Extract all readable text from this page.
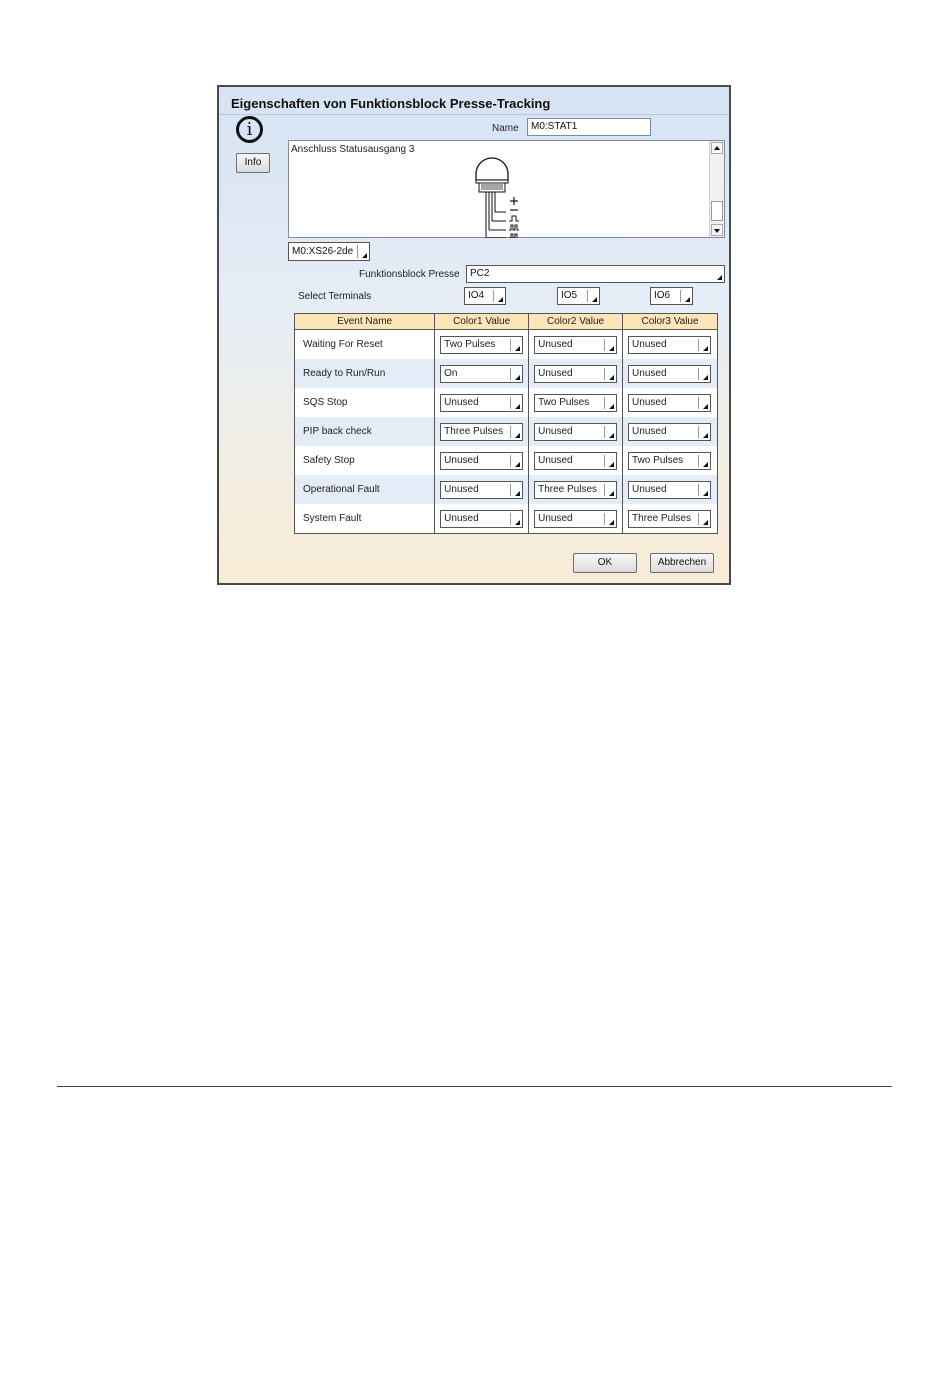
Eigenschaften von Funktionsblock Presse-Tracking
i
Info
Name	M0:STAT1
Anschluss Statusausgang 3
M0:XS26-2de
Funktionsblock Presse	PC2
Select Terminals	IO4	IO5	IO6
Event Name	Color1 Value	Color2 Value	Color3 Value
Waiting For Reset	Two Pulses	Unused	Unused

Ready to Run/Run	On	Unused	Unused

SQS Stop	Unused	Two Pulses	Unused

PIP back check	Three Pulses	Unused	Unused

Safety Stop	Unused	Unused	Two Pulses

Operational Fault	Unused	Three Pulses	Unused

System Fault	Unused	Unused	Three Pulses
OK	Abbrechen
